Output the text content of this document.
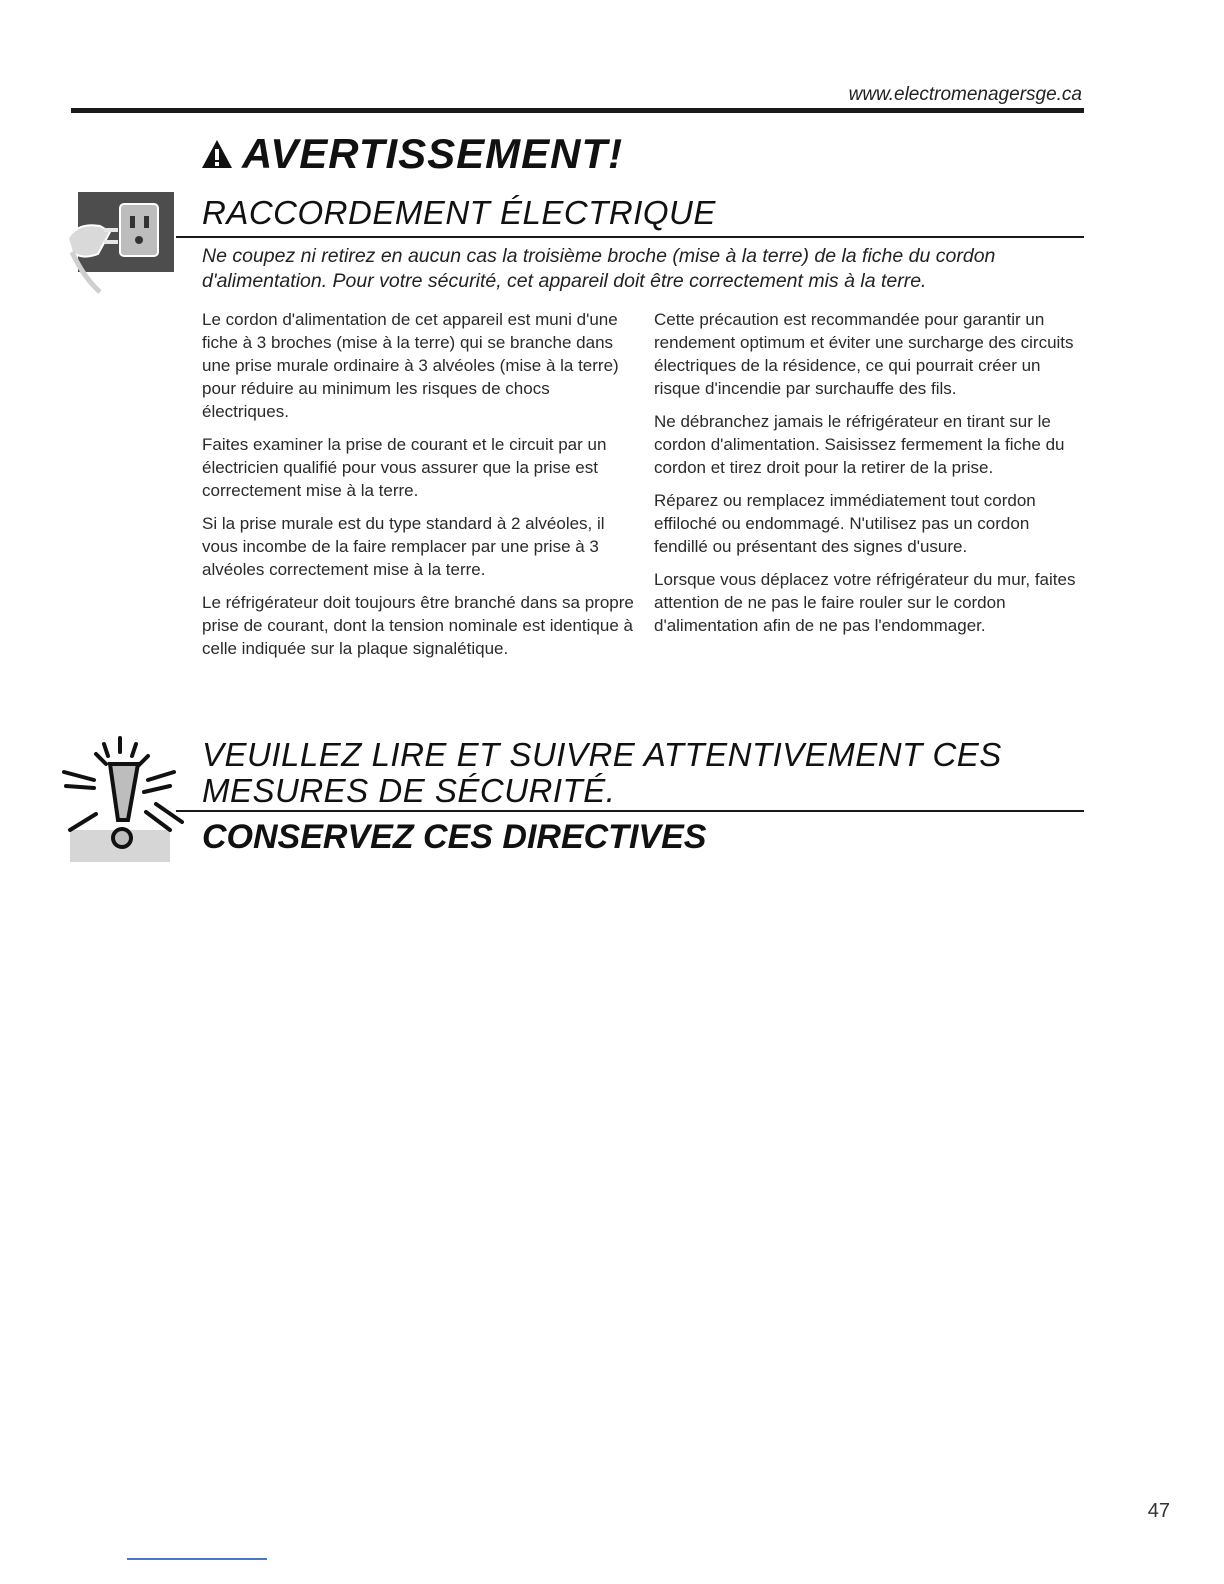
www.electromenagersge.ca
AVERTISSEMENT!
RACCORDEMENT ÉLECTRIQUE
Ne coupez ni retirez en aucun cas la troisième broche (mise à la terre) de la fiche du cordon d'alimentation. Pour votre sécurité, cet appareil doit être correctement mis à la terre.

Le cordon d'alimentation de cet appareil est muni d'une fiche à 3 broches (mise à la terre) qui se branche dans une prise murale ordinaire à 3 alvéoles (mise à la terre) pour réduire au minimum les risques de chocs électriques.

Faites examiner la prise de courant et le circuit par un électricien qualifié pour vous assurer que la prise est correctement mise à la terre.

Si la prise murale est du type standard à 2 alvéoles, il vous incombe de la faire remplacer par une prise à 3 alvéoles correctement mise à la terre.

Le réfrigérateur doit toujours être branché dans sa propre prise de courant, dont la tension nominale est identique à celle indiquée sur la plaque signalétique.

Cette précaution est recommandée pour garantir un rendement optimum et éviter une surcharge des circuits électriques de la résidence, ce qui pourrait créer un risque d'incendie par surchauffe des fils.

Ne débranchez jamais le réfrigérateur en tirant sur le cordon d'alimentation. Saisissez fermement la fiche du cordon et tirez droit pour la retirer de la prise.

Réparez ou remplacez immédiatement tout cordon effiloché ou endommagé. N'utilisez pas un cordon fendillé ou présentant des signes d'usure.

Lorsque vous déplacez votre réfrigérateur du mur, faites attention de ne pas le faire rouler sur le cordon d'alimentation afin de ne pas l'endommager.

VEUILLEZ LIRE ET SUIVRE ATTENTIVEMENT CES
MESURES DE SÉCURITÉ.
CONSERVEZ CES DIRECTIVES
47
